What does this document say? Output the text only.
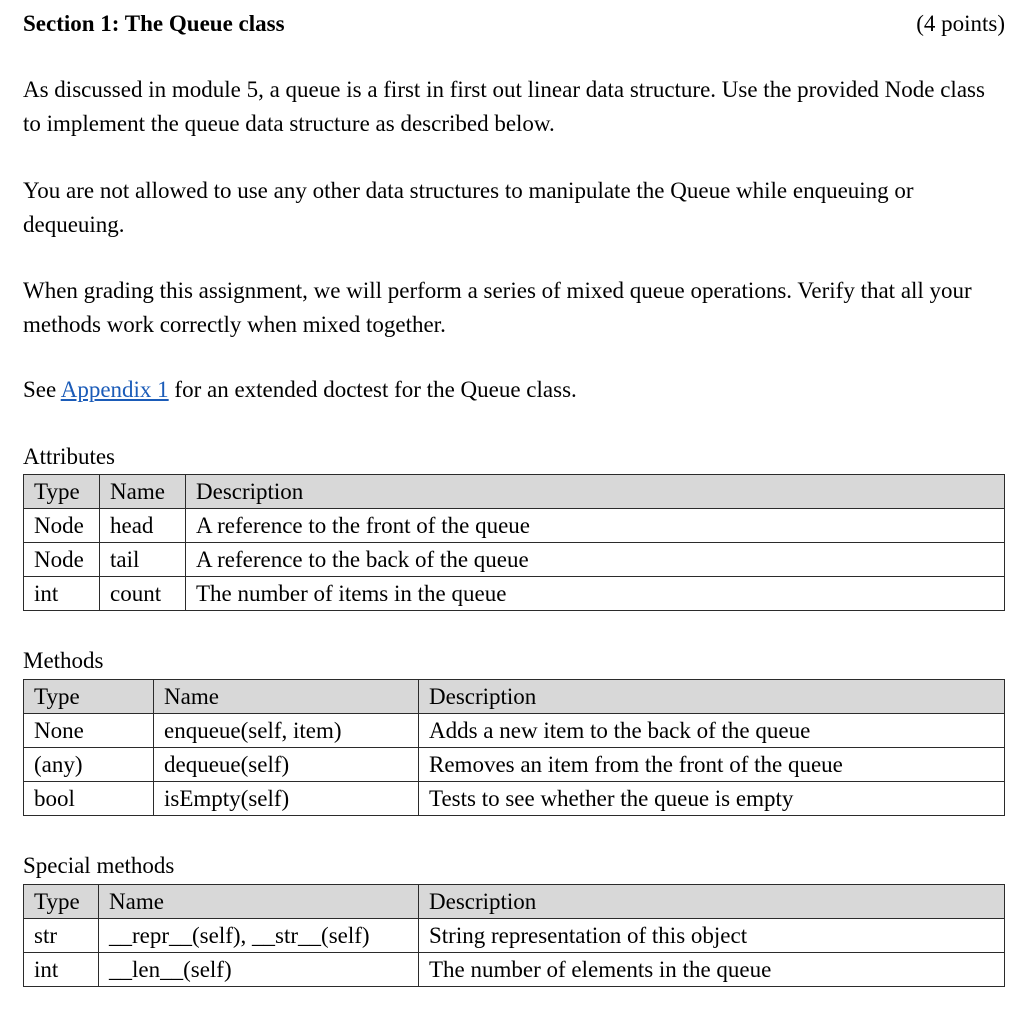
Section 1: The Queue class	(4 points)

As discussed in module 5, a queue is a first in first out linear data structure. Use the provided Node class to implement the queue data structure as described below.

You are not allowed to use any other data structures to manipulate the Queue while enqueuing or dequeuing.

When grading this assignment, we will perform a series of mixed queue operations. Verify that all your methods work correctly when mixed together.

See Appendix 1 for an extended doctest for the Queue class.

Attributes
Type	Name	Description
Node	head	A reference to the front of the queue
Node	tail	A reference to the back of the queue
int	count	The number of items in the queue
Methods
Type	Name	Description
None	enqueue(self, item)	Adds a new item to the back of the queue
(any)	dequeue(self)	Removes an item from the front of the queue
bool	isEmpty(self)	Tests to see whether the queue is empty
Special methods
Type	Name	Description
str	__repr__(self), __str__(self)	String representation of this object
int	__len__(self)	The number of elements in the queue
